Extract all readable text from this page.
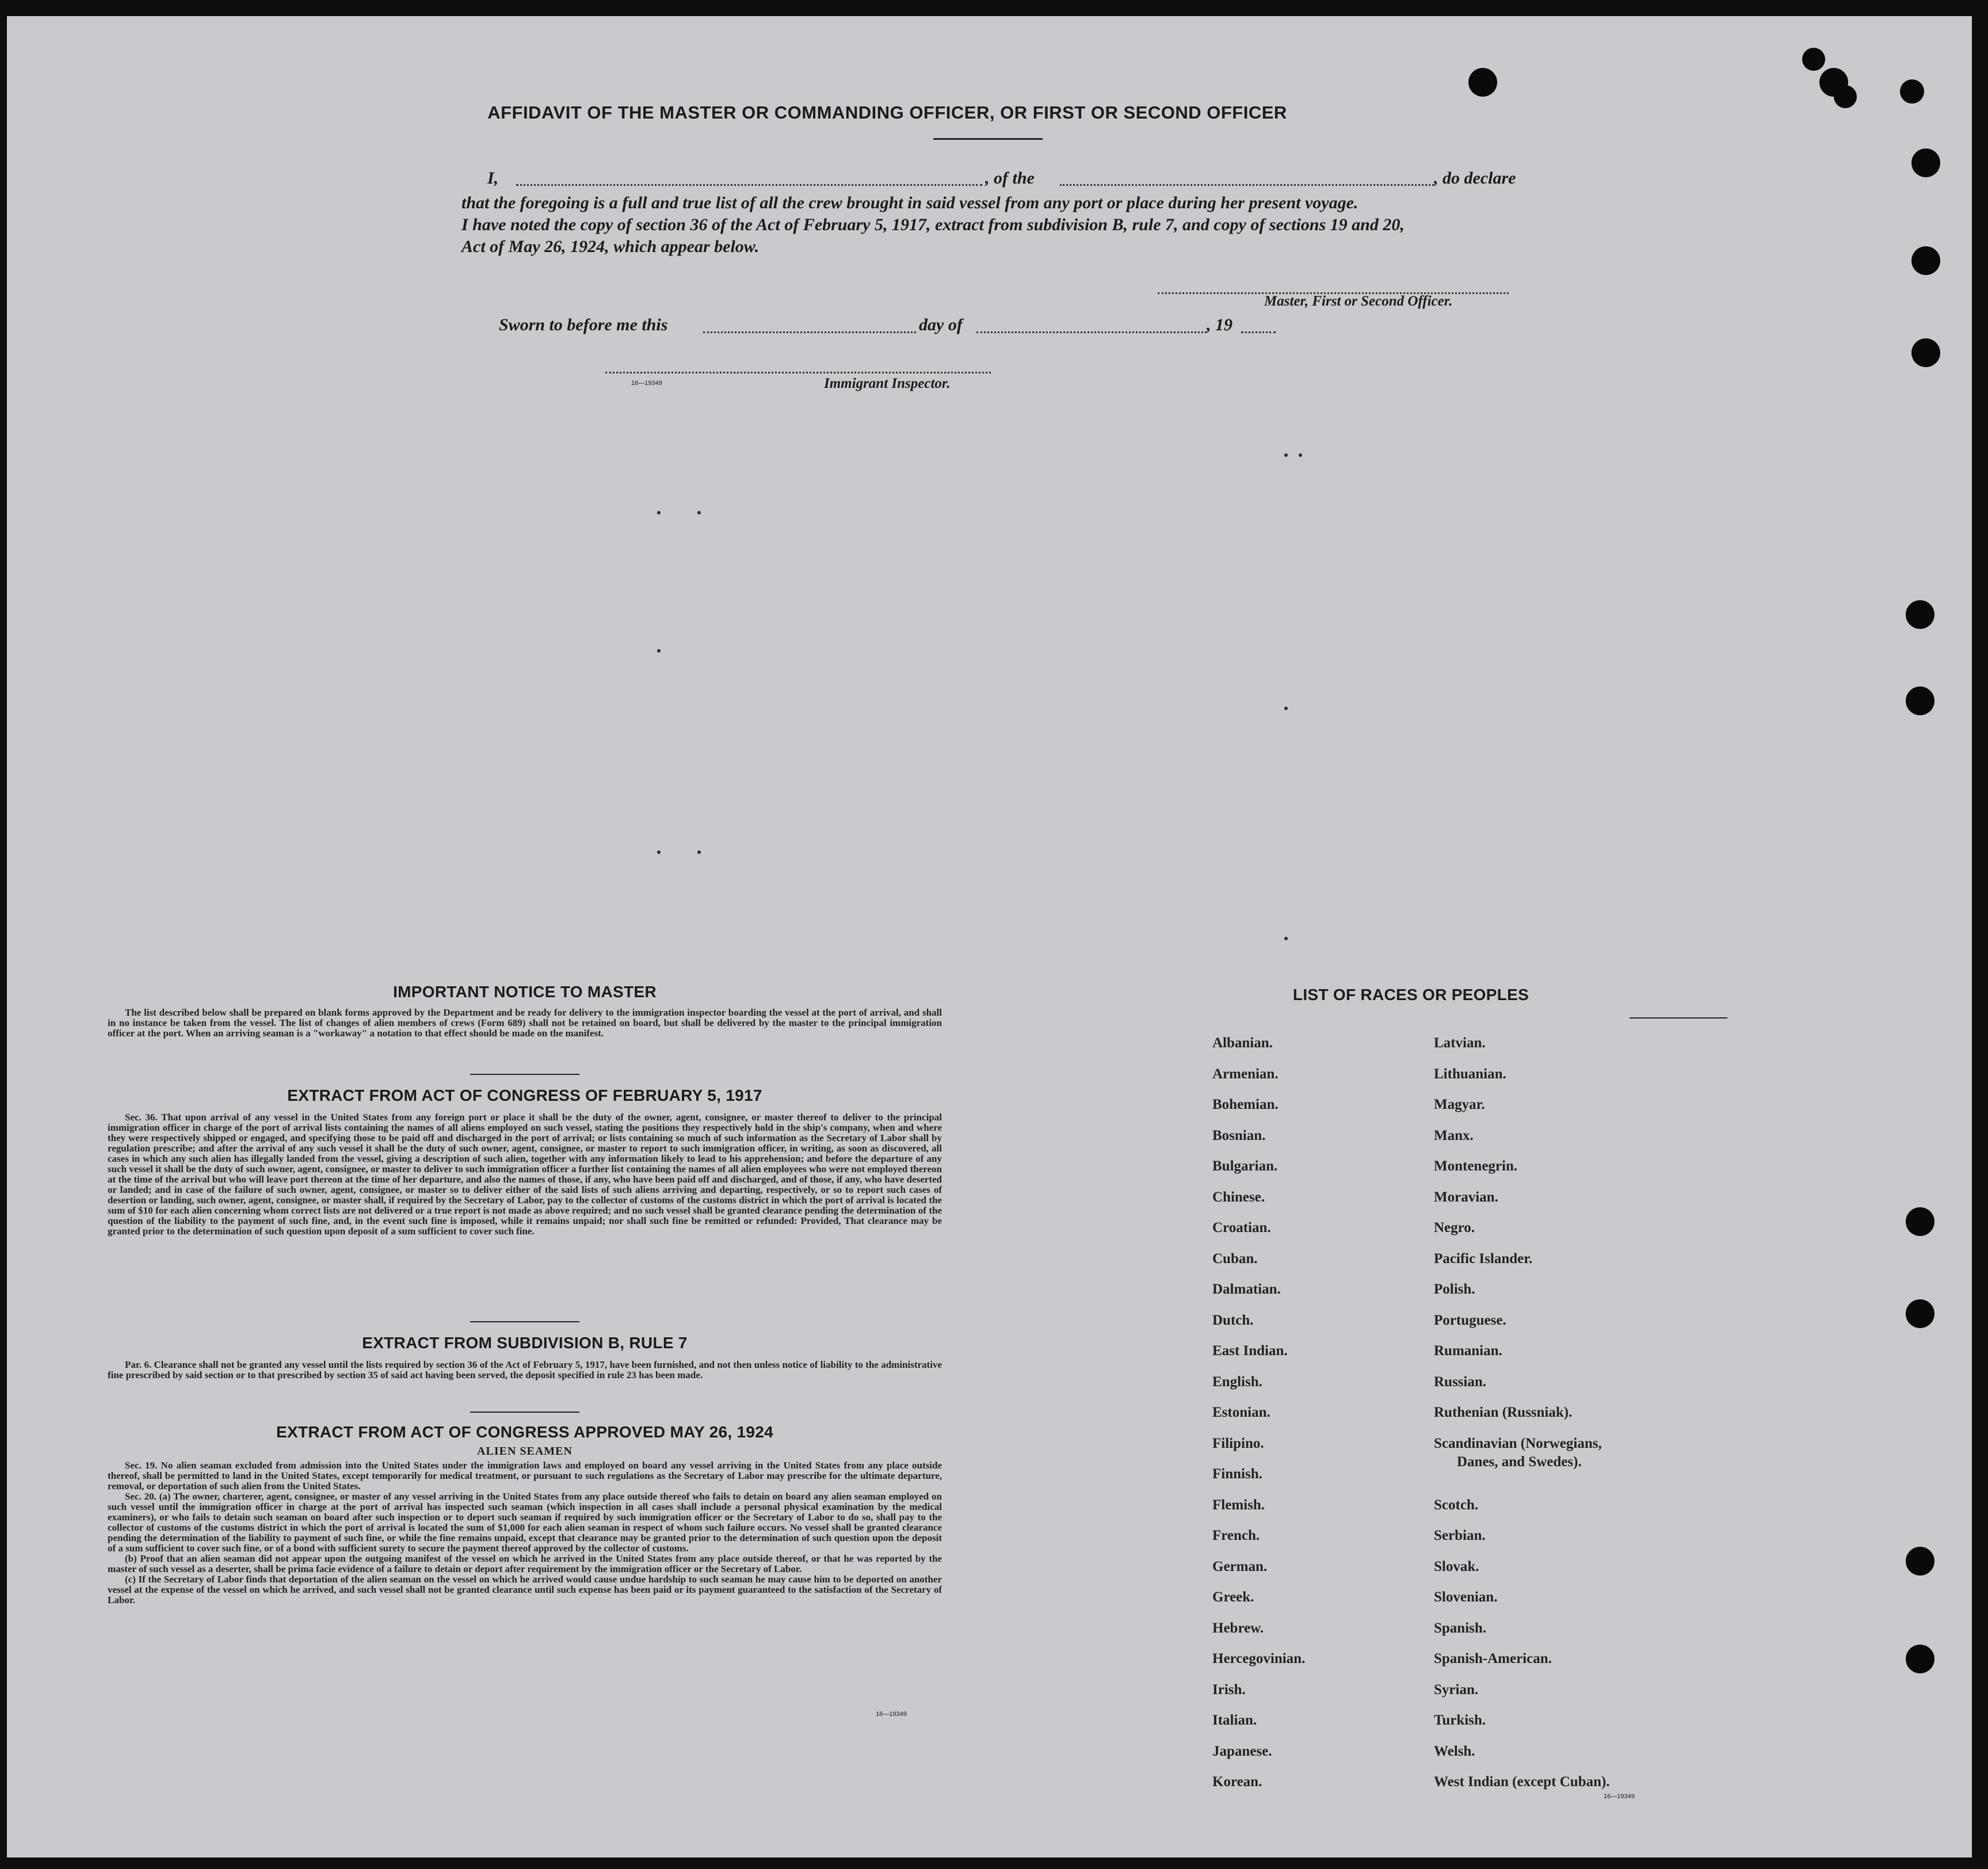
AFFIDAVIT OF THE MASTER OR COMMANDING OFFICER, OR FIRST OR SECOND OFFICER
I,	, of the	, do declare
that the foregoing is a full and true list of all the crew brought in said vessel from any port or place during her present voyage.
I have noted the copy of section 36 of the Act of February 5, 1917, extract from subdivision B, rule 7, and copy of sections 19 and 20,
Act of May 26, 1924, which appear below.
Master, First or Second Officer.
Sworn to before me this	day of	, 19
16—19349	Immigrant Inspector.
IMPORTANT NOTICE TO MASTER

The list described below shall be prepared on blank forms approved by the Department and be ready for delivery to the immigration inspector boarding the vessel at the port of arrival, and shall in no instance be taken from the vessel. The list of changes of alien members of crews (Form 689) shall not be retained on board, but shall be delivered by the master to the principal immigration officer at the port. When an arriving seaman is a "workaway" a notation to that effect should be made on the manifest.

EXTRACT FROM ACT OF CONGRESS OF FEBRUARY 5, 1917

Sec. 36. That upon arrival of any vessel in the United States from any foreign port or place it shall be the duty of the owner, agent, consignee, or master thereof to deliver to the principal immigration officer in charge of the port of arrival lists containing the names of all aliens employed on such vessel, stating the positions they respectively hold in the ship's company, when and where they were respectively shipped or engaged, and specifying those to be paid off and discharged in the port of arrival; or lists containing so much of such information as the Secretary of Labor shall by regulation prescribe; and after the arrival of any such vessel it shall be the duty of such owner, agent, consignee, or master to report to such immigration officer, in writing, as soon as discovered, all cases in which any such alien has illegally landed from the vessel, giving a description of such alien, together with any information likely to lead to his apprehension; and before the departure of any such vessel it shall be the duty of such owner, agent, consignee, or master to deliver to such immigration officer a further list containing the names of all alien employees who were not employed thereon at the time of the arrival but who will leave port thereon at the time of her departure, and also the names of those, if any, who have been paid off and discharged, and of those, if any, who have deserted or landed; and in case of the failure of such owner, agent, consignee, or master so to deliver either of the said lists of such aliens arriving and departing, respectively, or so to report such cases of desertion or landing, such owner, agent, consignee, or master shall, if required by the Secretary of Labor, pay to the collector of customs of the customs district in which the port of arrival is located the sum of $10 for each alien concerning whom correct lists are not delivered or a true report is not made as above required; and no such vessel shall be granted clearance pending the determination of the question of the liability to the payment of such fine, and, in the event such fine is imposed, while it remains unpaid; nor shall such fine be remitted or refunded: Provided, That clearance may be granted prior to the determination of such question upon deposit of a sum sufficient to cover such fine.

EXTRACT FROM SUBDIVISION B, RULE 7

Par. 6. Clearance shall not be granted any vessel until the lists required by section 36 of the Act of February 5, 1917, have been furnished, and not then unless notice of liability to the administrative fine prescribed by said section or to that prescribed by section 35 of said act having been served, the deposit specified in rule 23 has been made.

EXTRACT FROM ACT OF CONGRESS APPROVED MAY 26, 1924
ALIEN SEAMEN

Sec. 19. No alien seaman excluded from admission into the United States under the immigration laws and employed on board any vessel arriving in the United States from any place outside thereof, shall be permitted to land in the United States, except temporarily for medical treatment, or pursuant to such regulations as the Secretary of Labor may prescribe for the ultimate departure, removal, or deportation of such alien from the United States.

Sec. 20. (a) The owner, charterer, agent, consignee, or master of any vessel arriving in the United States from any place outside thereof who fails to detain on board any alien seaman employed on such vessel until the immigration officer in charge at the port of arrival has inspected such seaman (which inspection in all cases shall include a personal physical examination by the medical examiners), or who fails to detain such seaman on board after such inspection or to deport such seaman if required by such immigration officer or the Secretary of Labor to do so, shall pay to the collector of customs of the customs district in which the port of arrival is located the sum of $1,000 for each alien seaman in respect of whom such failure occurs. No vessel shall be granted clearance pending the determination of the liability to payment of such fine, or while the fine remains unpaid, except that clearance may be granted prior to the determination of such question upon the deposit of a sum sufficient to cover such fine, or of a bond with sufficient surety to secure the payment thereof approved by the collector of customs.

(b) Proof that an alien seaman did not appear upon the outgoing manifest of the vessel on which he arrived in the United States from any place outside thereof, or that he was reported by the master of such vessel as a deserter, shall be prima facie evidence of a failure to detain or deport after requirement by the immigration officer or the Secretary of Labor.

(c) If the Secretary of Labor finds that deportation of the alien seaman on the vessel on which he arrived would cause undue hardship to such seaman he may cause him to be deported on another vessel at the expense of the vessel on which he arrived, and such vessel shall not be granted clearance until such expense has been paid or its payment guaranteed to the satisfaction of the Secretary of Labor.

16—19349
LIST OF RACES OR PEOPLES
Albanian.
Armenian.
Bohemian.
Bosnian.
Bulgarian.
Chinese.
Croatian.
Cuban.
Dalmatian.
Dutch.
East Indian.
English.
Estonian.
Filipino.
Finnish.
Flemish.
French.
German.
Greek.
Hebrew.
Hercegovinian.
Irish.
Italian.
Japanese.
Korean.
Latvian.
Lithuanian.
Magyar.
Manx.
Montenegrin.
Moravian.
Negro.
Pacific Islander.
Polish.
Portuguese.
Rumanian.
Russian.
Ruthenian (Russniak).
Scandinavian (Norwegians,
Danes, and Swedes).
Scotch.
Serbian.
Slovak.
Slovenian.
Spanish.
Spanish-American.
Syrian.
Turkish.
Welsh.
West Indian (except Cuban).
16—19349
